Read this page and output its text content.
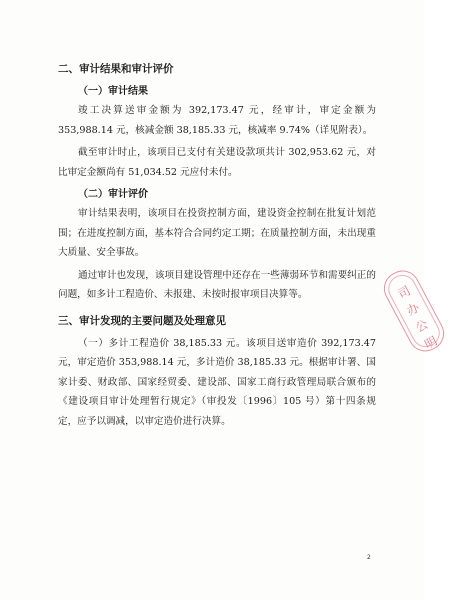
二、审计结果和审计评价

（一）审计结果

竣工决算送审金额为 392,173.47 元，经审计，审定金额为 353,988.14 元，核减金额 38,185.33 元，核减率 9.74%（详见附表）。

截至审计时止，该项目已支付有关建设款项共计 302,953.62 元，对比审定金额尚有 51,034.52 元应付未付。

（二）审计评价

审计结果表明，该项目在投资控制方面，建设资金控制在批复计划范围；在进度控制方面，基本符合合同约定工期；在质量控制方面，未出现重大质量、安全事故。

通过审计也发现，该项目建设管理中还存在一些薄弱环节和需要纠正的问题，如多计工程造价、未报建、未按时报审项目决算等。

三、审计发现的主要问题及处理意见

（一）多计工程造价 38,185.33 元。该项目送审造价 392,173.47 元，审定造价 353,988.14 元，多计造价 38,185.33 元。根据审计署、国家计委、财政部、国家经贸委、建设部、国家工商行政管理局联合颁布的《建设项目审计处理暂行规定》（审投发〔1996〕105 号）第十四条规定，应予以调减，以审定造价进行决算。

司
办
公
明
2
